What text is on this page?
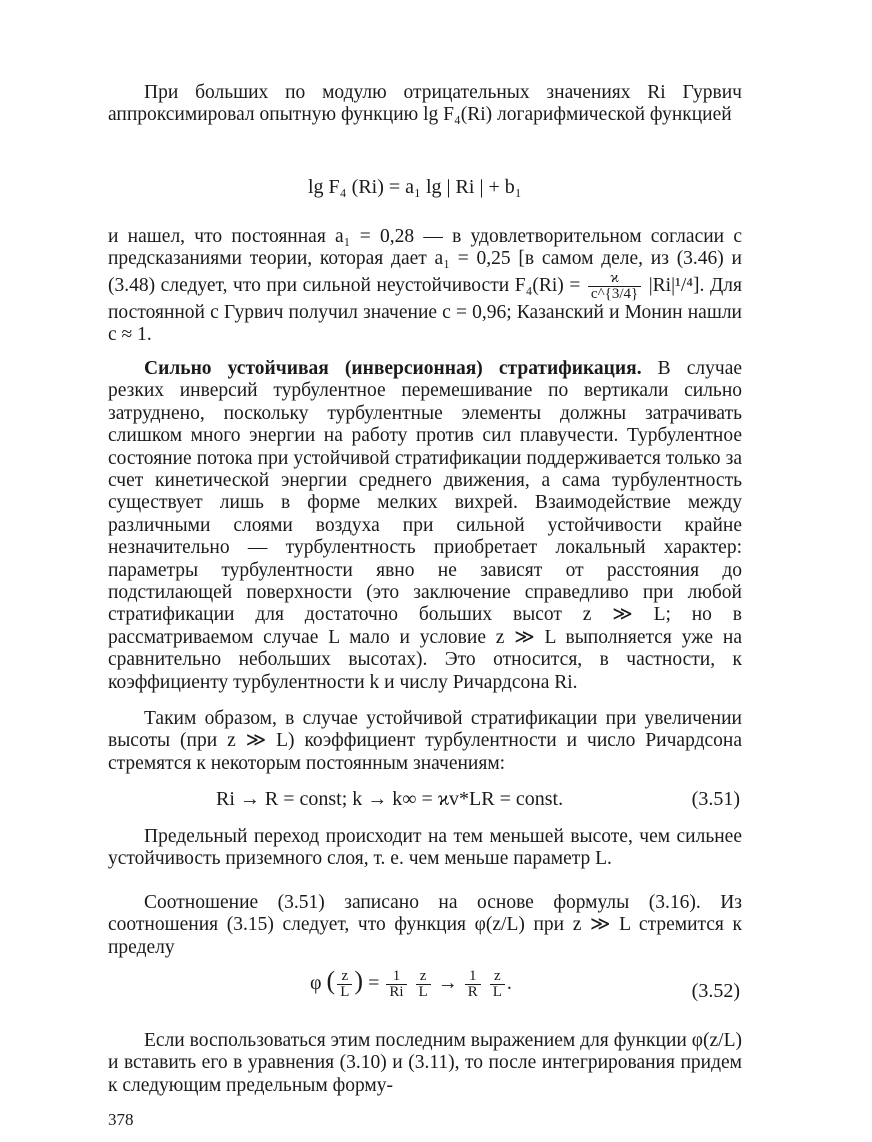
При больших по модулю отрицательных значениях Ri Гурвич аппроксимировал опытную функцию lg F₄(Ri) логарифмической функцией

lg F₄ (Ri) = a₁ lg | Ri | + b₁

и нашел, что постоянная a₁ = 0,28 — в удовлетворительном согласии с предсказаниями теории, которая дает a₁ = 0,25 [в самом деле, из (3.46) и (3.48) следует, что при сильной неустойчивости $F_4(Ri) = \frac{ϰ}{c\^{}\{3/4\}} |Ri|^1/^4$]. Для постоянной c Гурвич получил значение c = 0,96; Казанский и Монин нашли c ≈ 1.

Сильно устойчивая (инверсионная) стратификация. В случае резких инверсий турбулентное перемешивание по вертикали сильно затруднено, поскольку турбулентные элементы должны затрачивать слишком много энергии на работу против сил плавучести. Турбулентное состояние потока при устойчивой стратификации поддерживается только за счет кинетической энергии среднего движения, а сама турбулентность существует лишь в форме мелких вихрей. Взаимодействие между различными слоями воздуха при сильной устойчивости крайне незначительно — турбулентность приобретает локальный характер: параметры турбулентности явно не зависят от расстояния до подстилающей поверхности (это заключение справедливо при любой стратификации для достаточно больших высот z ≫ L; но в рассматриваемом случае L мало и условие z ≫ L выполняется уже на сравнительно небольших высотах). Это относится, в частности, к коэффициенту турбулентности k и числу Ричардсона Ri.

Таким образом, в случае устойчивой стратификации при увеличении высоты (при z ≫ L) коэффициент турбулентности и число Ричардсона стремятся к некоторым постоянным значениям:

Ri → R = const; k → k∞ = ϰv*LR = const.	(3.51)

Предельный переход происходит на тем меньшей высоте, чем сильнее устойчивость приземного слоя, т. е. чем меньше параметр L.

Соотношение (3.51) записано на основе формулы (3.16). Из соотношения (3.15) следует, что функция φ(z/L) при z ≫ L стремится к пределу

φ ( $\frac{z}{L}$ ) = $\frac{1}{Ri}$
$\frac{z}{L} \to \frac{1}{R}$
$\frac{z}{L}$ .	(3.52)

Если воспользоваться этим последним выражением для функции φ(z/L) и вставить его в уравнения (3.10) и (3.11), то после интегрирования придем к следующим предельным форму-

378
